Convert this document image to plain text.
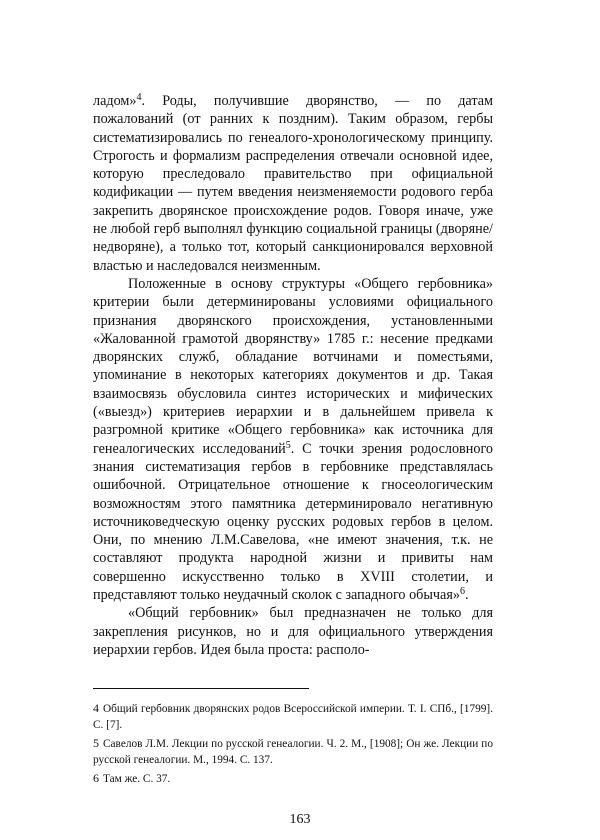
ладом»$^4$. Роды, получившие дворянство, — по датам пожалований (от ранних к поздним). Таким образом, гербы систематизировались по генеалого-хронологическому принципу. Строгость и формализм распределения отвечали основной идее, которую преследовало правительство при официальной кодификации — путем введения неизменяемости родового герба закрепить дворянское происхождение родов. Говоря иначе, уже не любой герб выполнял функцию социальной границы (дворяне/недворяне), а только тот, который санкционировался верховной властью и наследовался неизменным.

Положенные в основу структуры «Общего гербовника» критерии были детерминированы условиями официального признания дворянского происхождения, установленными «Жалованной грамотой дворянству» 1785 г.: несение предками дворянских служб, обладание вотчинами и поместьями, упоминание в некоторых категориях документов и др. Такая взаимосвязь обусловила синтез исторических и мифических («выезд») критериев иерархии и в дальнейшем привела к разгромной критике «Общего гербовника» как источника для генеалогических исследований$^5$. С точки зрения родословного знания систематизация гербов в гербовнике представлялась ошибочной. Отрицательное отношение к гносеологическим возможностям этого памятника детерминировало негативную источниковедческую оценку русских родовых гербов в целом. Они, по мнению Л.М.Савелова, «не имеют значения, т.к. не составляют продукта народной жизни и привиты нам совершенно искусственно только в XVIII столетии, и представляют только неудачный сколок с западного обычая»$^6$.

«Общий гербовник» был предназначен не только для закрепления рисунков, но и для официального утверждения иерархии гербов. Идея была проста: располо-

4 Общий гербовник дворянских родов Всероссийской империи. Т. I. СПб., [1799]. С. [7].

5 Савелов Л.М. Лекции по русской генеалогии. Ч. 2. М., [1908]; Он же. Лекции по русской генеалогии. М., 1994. С. 137.

6 Там же. С. 37.

163
